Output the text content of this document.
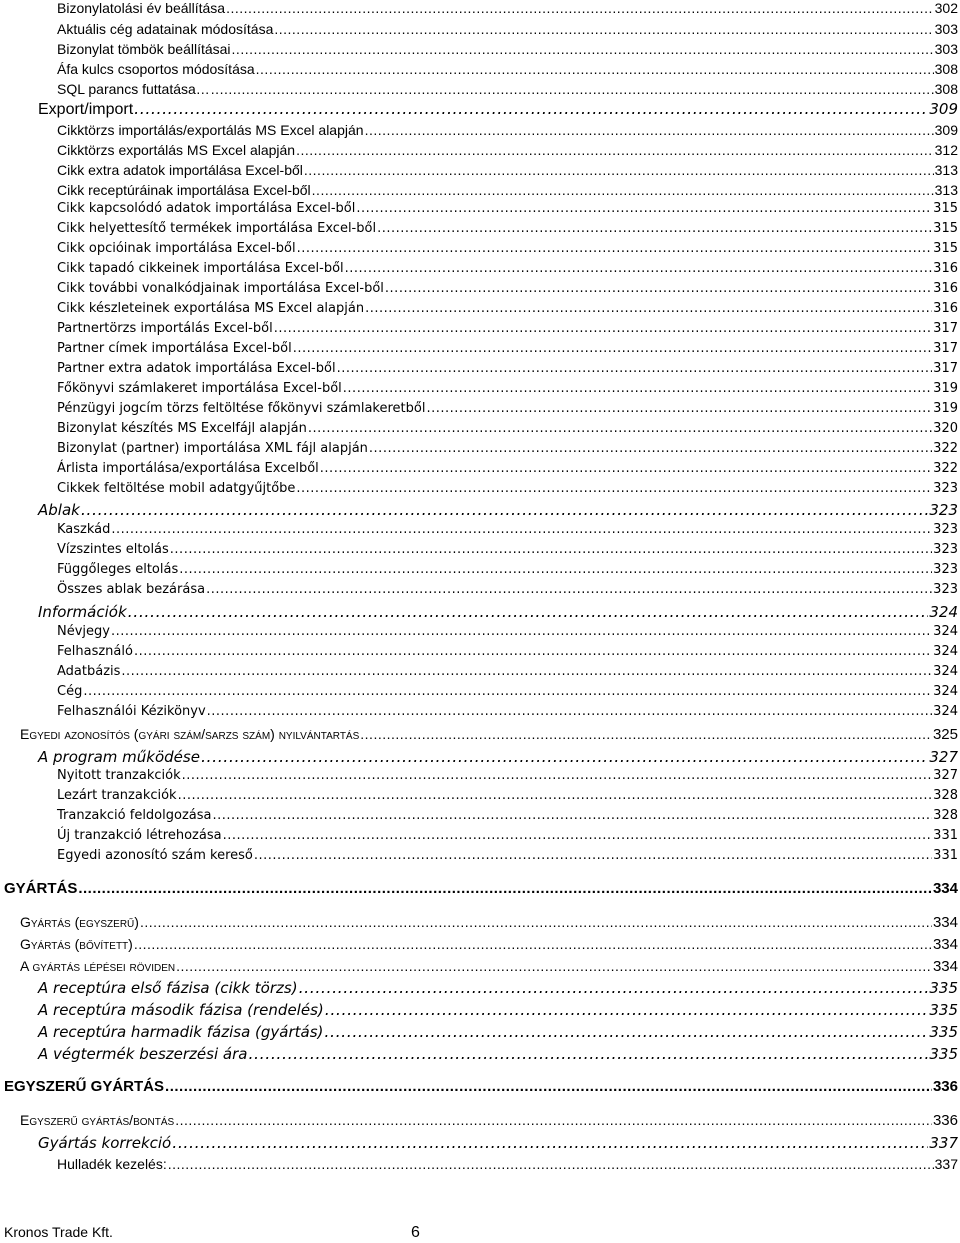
Bizonylatolási év beállítása .....	302
Aktuális cég adatainak módosítása .....	303
Bizonylat tömbök beállításai .....	303
Áfa kulcs csoportos módosítása .....	308
SQL parancs futtatása… .....	308
Export/import .....	309
Cikktörzs importálás/exportálás MS Excel alapján .....	309
Cikktörzs exportálás MS Excel alapján .....	312
Cikk extra adatok importálása Excel-ből .....	313
Cikk receptúráinak importálása Excel-ből .....	313
Cikk kapcsolódó adatok importálása Excel-ből .....	315
Cikk helyettesítő termékek importálása Excel-ből .....	315
Cikk opcióinak importálása Excel-ből .....	315
Cikk tapadó cikkeinek importálása Excel-ből .....	316
Cikk további vonalkódjainak importálása Excel-ből .....	316
Cikk készleteinek exportálása MS Excel alapján .....	316
Partnertörzs importálás Excel-ből .....	317
Partner címek importálása Excel-ből .....	317
Partner extra adatok importálása Excel-ből .....	317
Főkönyvi számlakeret importálása Excel-ből .....	319
Pénzügyi jogcím törzs feltöltése főkönyvi számlakeretből .....	319
Bizonylat készítés MS Excelfájl alapján .....	320
Bizonylat (partner) importálása XML fájl alapján .....	322
Árlista importálása/exportálása Excelből .....	322
Cikkek feltöltése mobil adatgyűjtőbe .....	323
Ablak .....	323
Kaszkád .....	323
Vízszintes eltolás .....	323
Függőleges eltolás .....	323
Összes ablak bezárása .....	323
Információk .....	324
Névjegy .....	324
Felhasználó .....	324
Adatbázis .....	324
Cég .....	324
Felhasználói Kézikönyv .....	324
Egyedi azonosítós (gyári szám/sarzs szám) nyilvántartás .....	325
A program működése .....	327
Nyitott tranzakciók .....	327
Lezárt tranzakciók .....	328
Tranzakció feldolgozása .....	328
Új tranzakció létrehozása .....	331
Egyedi azonosító szám kereső .....	331
GYÁRTÁS .....	334
Gyártás (egyszerű) .....	334
Gyártás (bővített) .....	334
A gyártás lépései röviden .....	334
A receptúra első fázisa (cikk törzs) .....	335
A receptúra második fázisa (rendelés) .....	335
A receptúra harmadik fázisa (gyártás) .....	335
A végtermék beszerzési ára .....	335
EGYSZERŰ GYÁRTÁS .....	336
Egyszerű gyártás/bontás .....	336
Gyártás korrekció .....	337
Hulladék kezelés: .....	337
Kronos Trade Kft.	6
